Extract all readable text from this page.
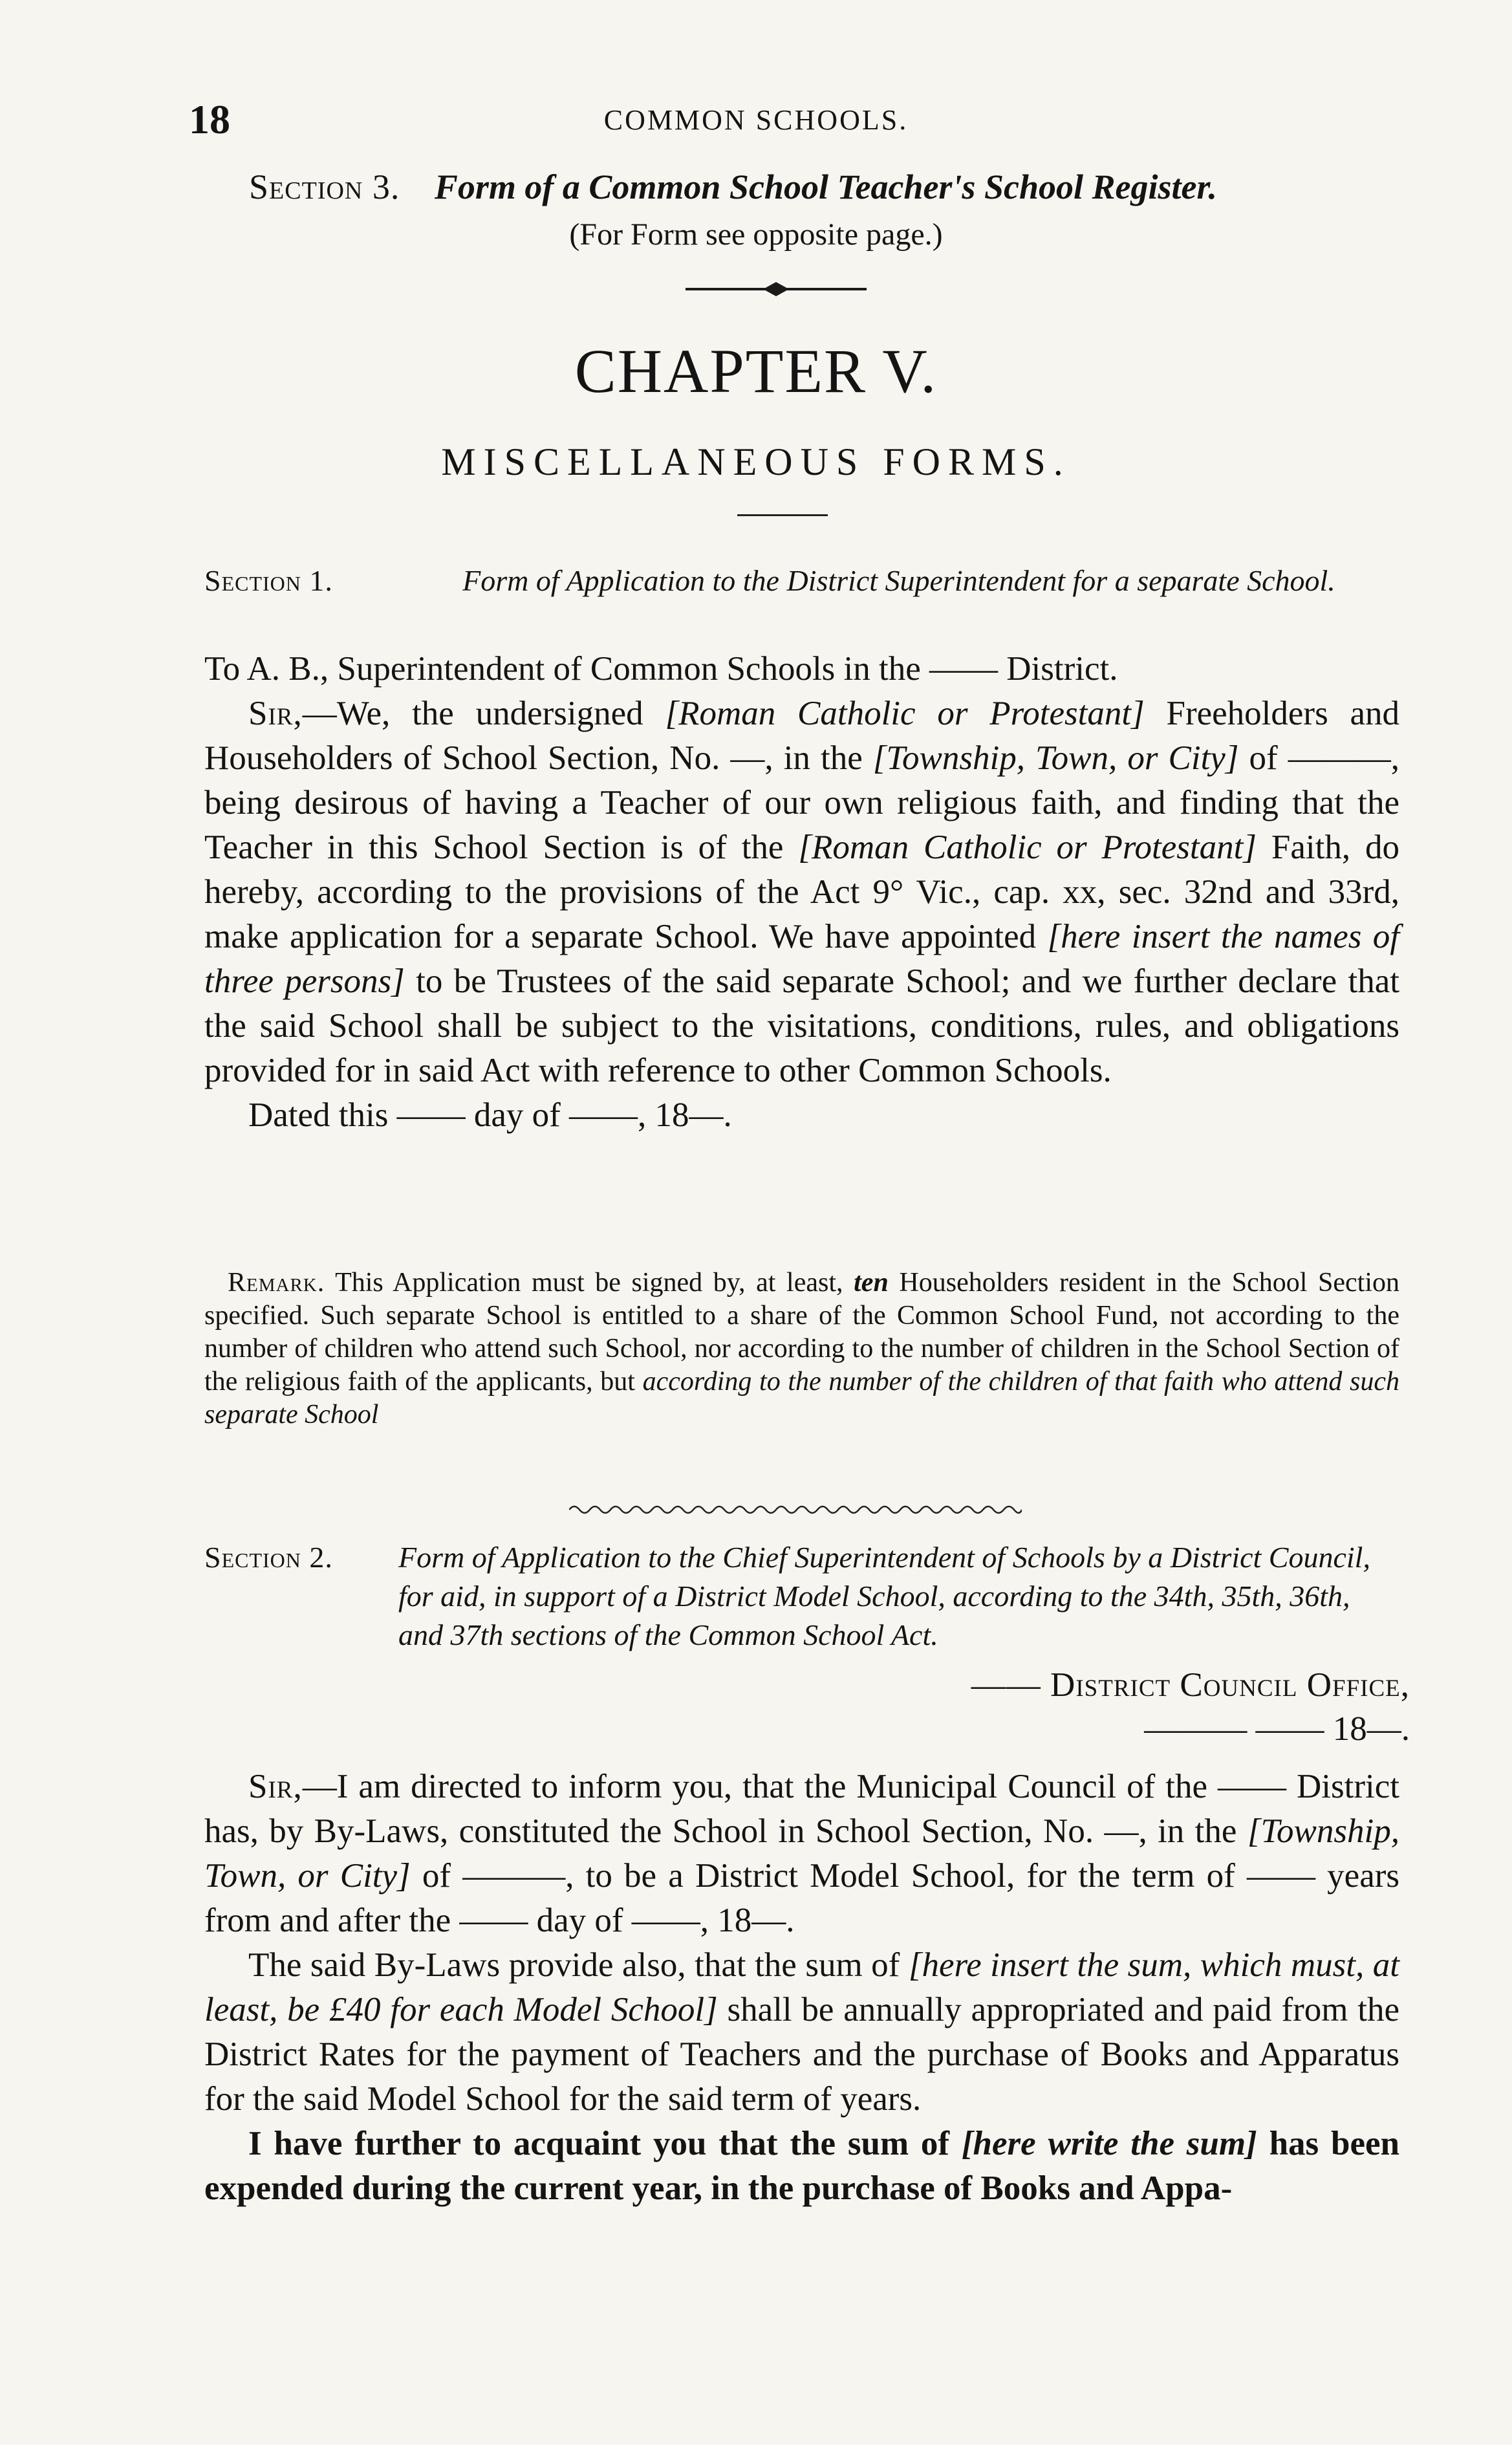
18	COMMON SCHOOLS.
Section 3. Form of a Common School Teacher's School Register.
(For Form see opposite page.)
CHAPTER V.
MISCELLANEOUS FORMS.
Section 1.	Form of Application to the District Superintendent for a separate School.

To A. B., Superintendent of Common Schools in the —— District.

Sir,—We, the undersigned [Roman Catholic or Protestant] Freeholders and Householders of School Section, No. —, in the [Township, Town, or City] of ———, being desirous of having a Teacher of our own religious faith, and finding that the Teacher in this School Section is of the [Roman Catholic or Protestant] Faith, do hereby, according to the provisions of the Act 9° Vic., cap. xx, sec. 32nd and 33rd, make application for a separate School. We have appointed [here insert the names of three persons] to be Trustees of the said separate School; and we further declare that the said School shall be subject to the visitations, conditions, rules, and obligations provided for in said Act with reference to other Common Schools.

Dated this —— day of ——, 18—.

Remark. This Application must be signed by, at least, ten Householders resident in the School Section specified. Such separate School is entitled to a share of the Common School Fund, not according to the number of children who attend such School, nor according to the number of children in the School Section of the religious faith of the applicants, but according to the number of the children of that faith who attend such separate School

Section 2. Form of Application to the Chief Superintendent of Schools by a District Council, for aid, in support of a District Model School, according to the 34th, 35th, 36th, and 37th sections of the Common School Act.
—— District Council Office,
——— —— 18—.

Sir,—I am directed to inform you, that the Municipal Council of the —— District has, by By-Laws, constituted the School in School Section, No. —, in the [Township, Town, or City] of ———, to be a District Model School, for the term of —— years from and after the —— day of ——, 18—.

The said By-Laws provide also, that the sum of [here insert the sum, which must, at least, be £40 for each Model School] shall be annually appropriated and paid from the District Rates for the payment of Teachers and the purchase of Books and Apparatus for the said Model School for the said term of years.

I have further to acquaint you that the sum of [here write the sum] has been expended during the current year, in the purchase of Books and Appa-
